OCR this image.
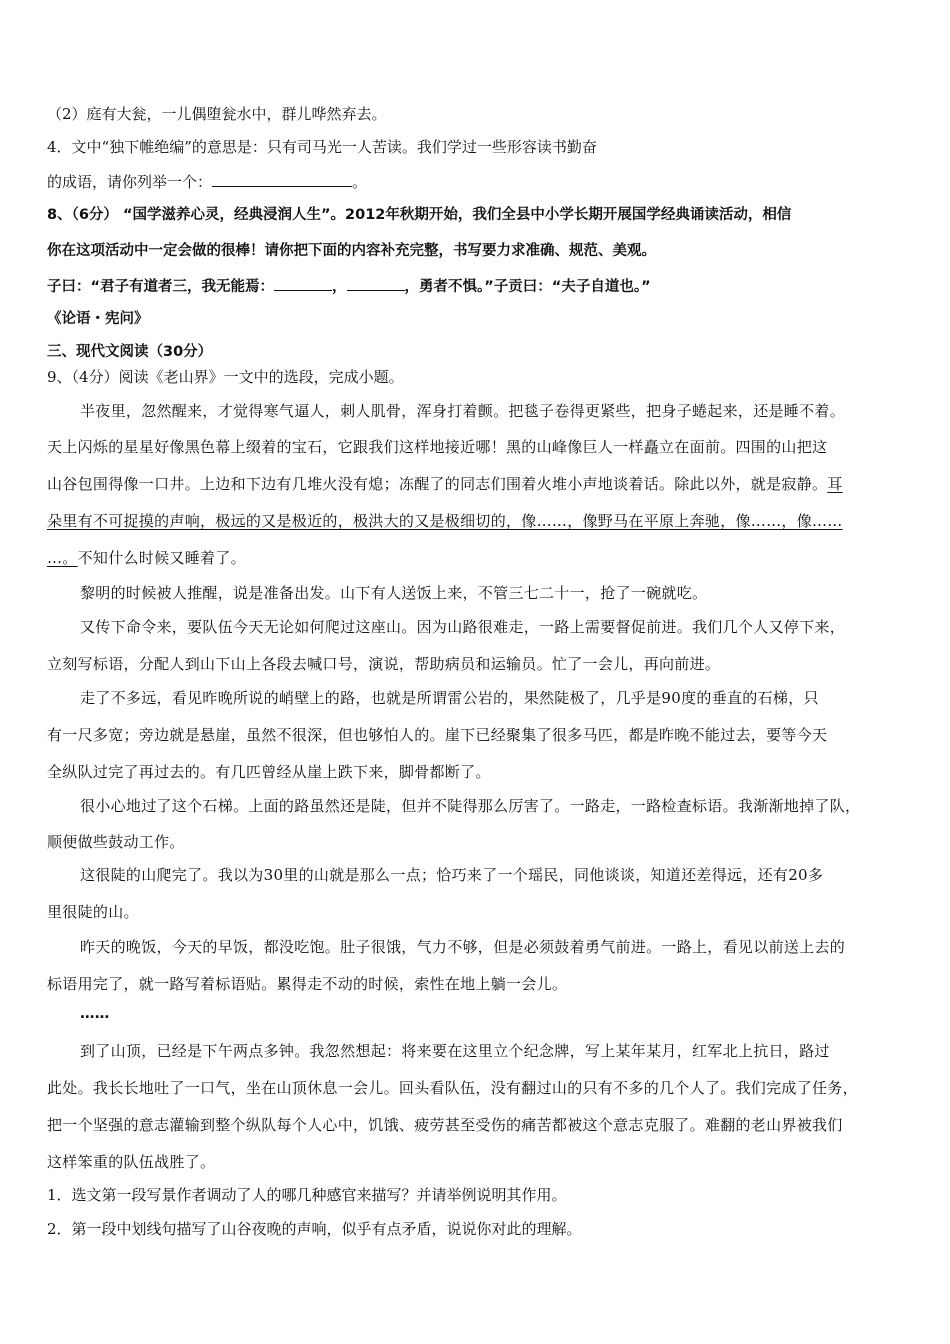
（2）庭有大瓮，一儿偶堕瓮水中，群儿哗然弃去。
4．文中“独下帷绝编”的意思是：只有司马光一人苦读。我们学过一些形容读书勤奋
的成语，请你列举一个：	。
8、（6分） “国学滋养心灵，经典浸润人生”。2012年秋期开始，我们全县中小学长期开展国学经典诵读活动，相信
你在这项活动中一定会做的很棒！请你把下面的内容补充完整，书写要力求准确、规范、美观。
子曰：“君子有道者三，我无能焉：	，	，勇者不惧。”子贡曰：“夫子自道也。”
《论语・宪问》
三、现代文阅读（30分）
9、（4分）阅读《老山界》一文中的选段，完成小题。
半夜里，忽然醒来，才觉得寒气逼人，刺人肌骨，浑身打着颤。把毯子卷得更紧些，把身子蜷起来，还是睡不着。
天上闪烁的星星好像黑色幕上缀着的宝石，它跟我们这样地接近哪！黑的山峰像巨人一样矗立在面前。四围的山把这
山谷包围得像一口井。上边和下边有几堆火没有熄；冻醒了的同志们围着火堆小声地谈着话。除此以外，就是寂静。耳
朵里有不可捉摸的声响，极远的又是极近的，极洪大的又是极细切的，像……，像野马在平原上奔驰，像……，像……
…。不知什么时候又睡着了。
黎明的时候被人推醒，说是准备出发。山下有人送饭上来，不管三七二十一，抢了一碗就吃。
又传下命令来，要队伍今天无论如何爬过这座山。因为山路很难走，一路上需要督促前进。我们几个人又停下来，
立刻写标语，分配人到山下山上各段去喊口号，演说，帮助病员和运输员。忙了一会儿，再向前进。
走了不多远，看见昨晚所说的峭壁上的路，也就是所谓雷公岩的，果然陡极了，几乎是90度的垂直的石梯，只
有一尺多宽；旁边就是悬崖，虽然不很深，但也够怕人的。崖下已经聚集了很多马匹，都是昨晚不能过去，要等今天
全纵队过完了再过去的。有几匹曾经从崖上跌下来，脚骨都断了。
很小心地过了这个石梯。上面的路虽然还是陡，但并不陡得那么厉害了。一路走，一路检查标语。我渐渐地掉了队，
顺便做些鼓动工作。
这很陡的山爬完了。我以为30里的山就是那么一点；恰巧来了一个瑶民，同他谈谈，知道还差得远，还有20多
里很陡的山。
昨天的晚饭，今天的早饭，都没吃饱。肚子很饿，气力不够，但是必须鼓着勇气前进。一路上，看见以前送上去的
标语用完了，就一路写着标语贴。累得走不动的时候，索性在地上躺一会儿。
……
到了山顶，已经是下午两点多钟。我忽然想起：将来要在这里立个纪念牌，写上某年某月，红军北上抗日，路过
此处。我长长地吐了一口气，坐在山顶休息一会儿。回头看队伍，没有翻过山的只有不多的几个人了。我们完成了任务，
把一个坚强的意志灌输到整个纵队每个人心中，饥饿、疲劳甚至受伤的痛苦都被这个意志克服了。难翻的老山界被我们
这样笨重的队伍战胜了。
1．选文第一段写景作者调动了人的哪几种感官来描写？并请举例说明其作用。
2．第一段中划线句描写了山谷夜晚的声响，似乎有点矛盾，说说你对此的理解。
